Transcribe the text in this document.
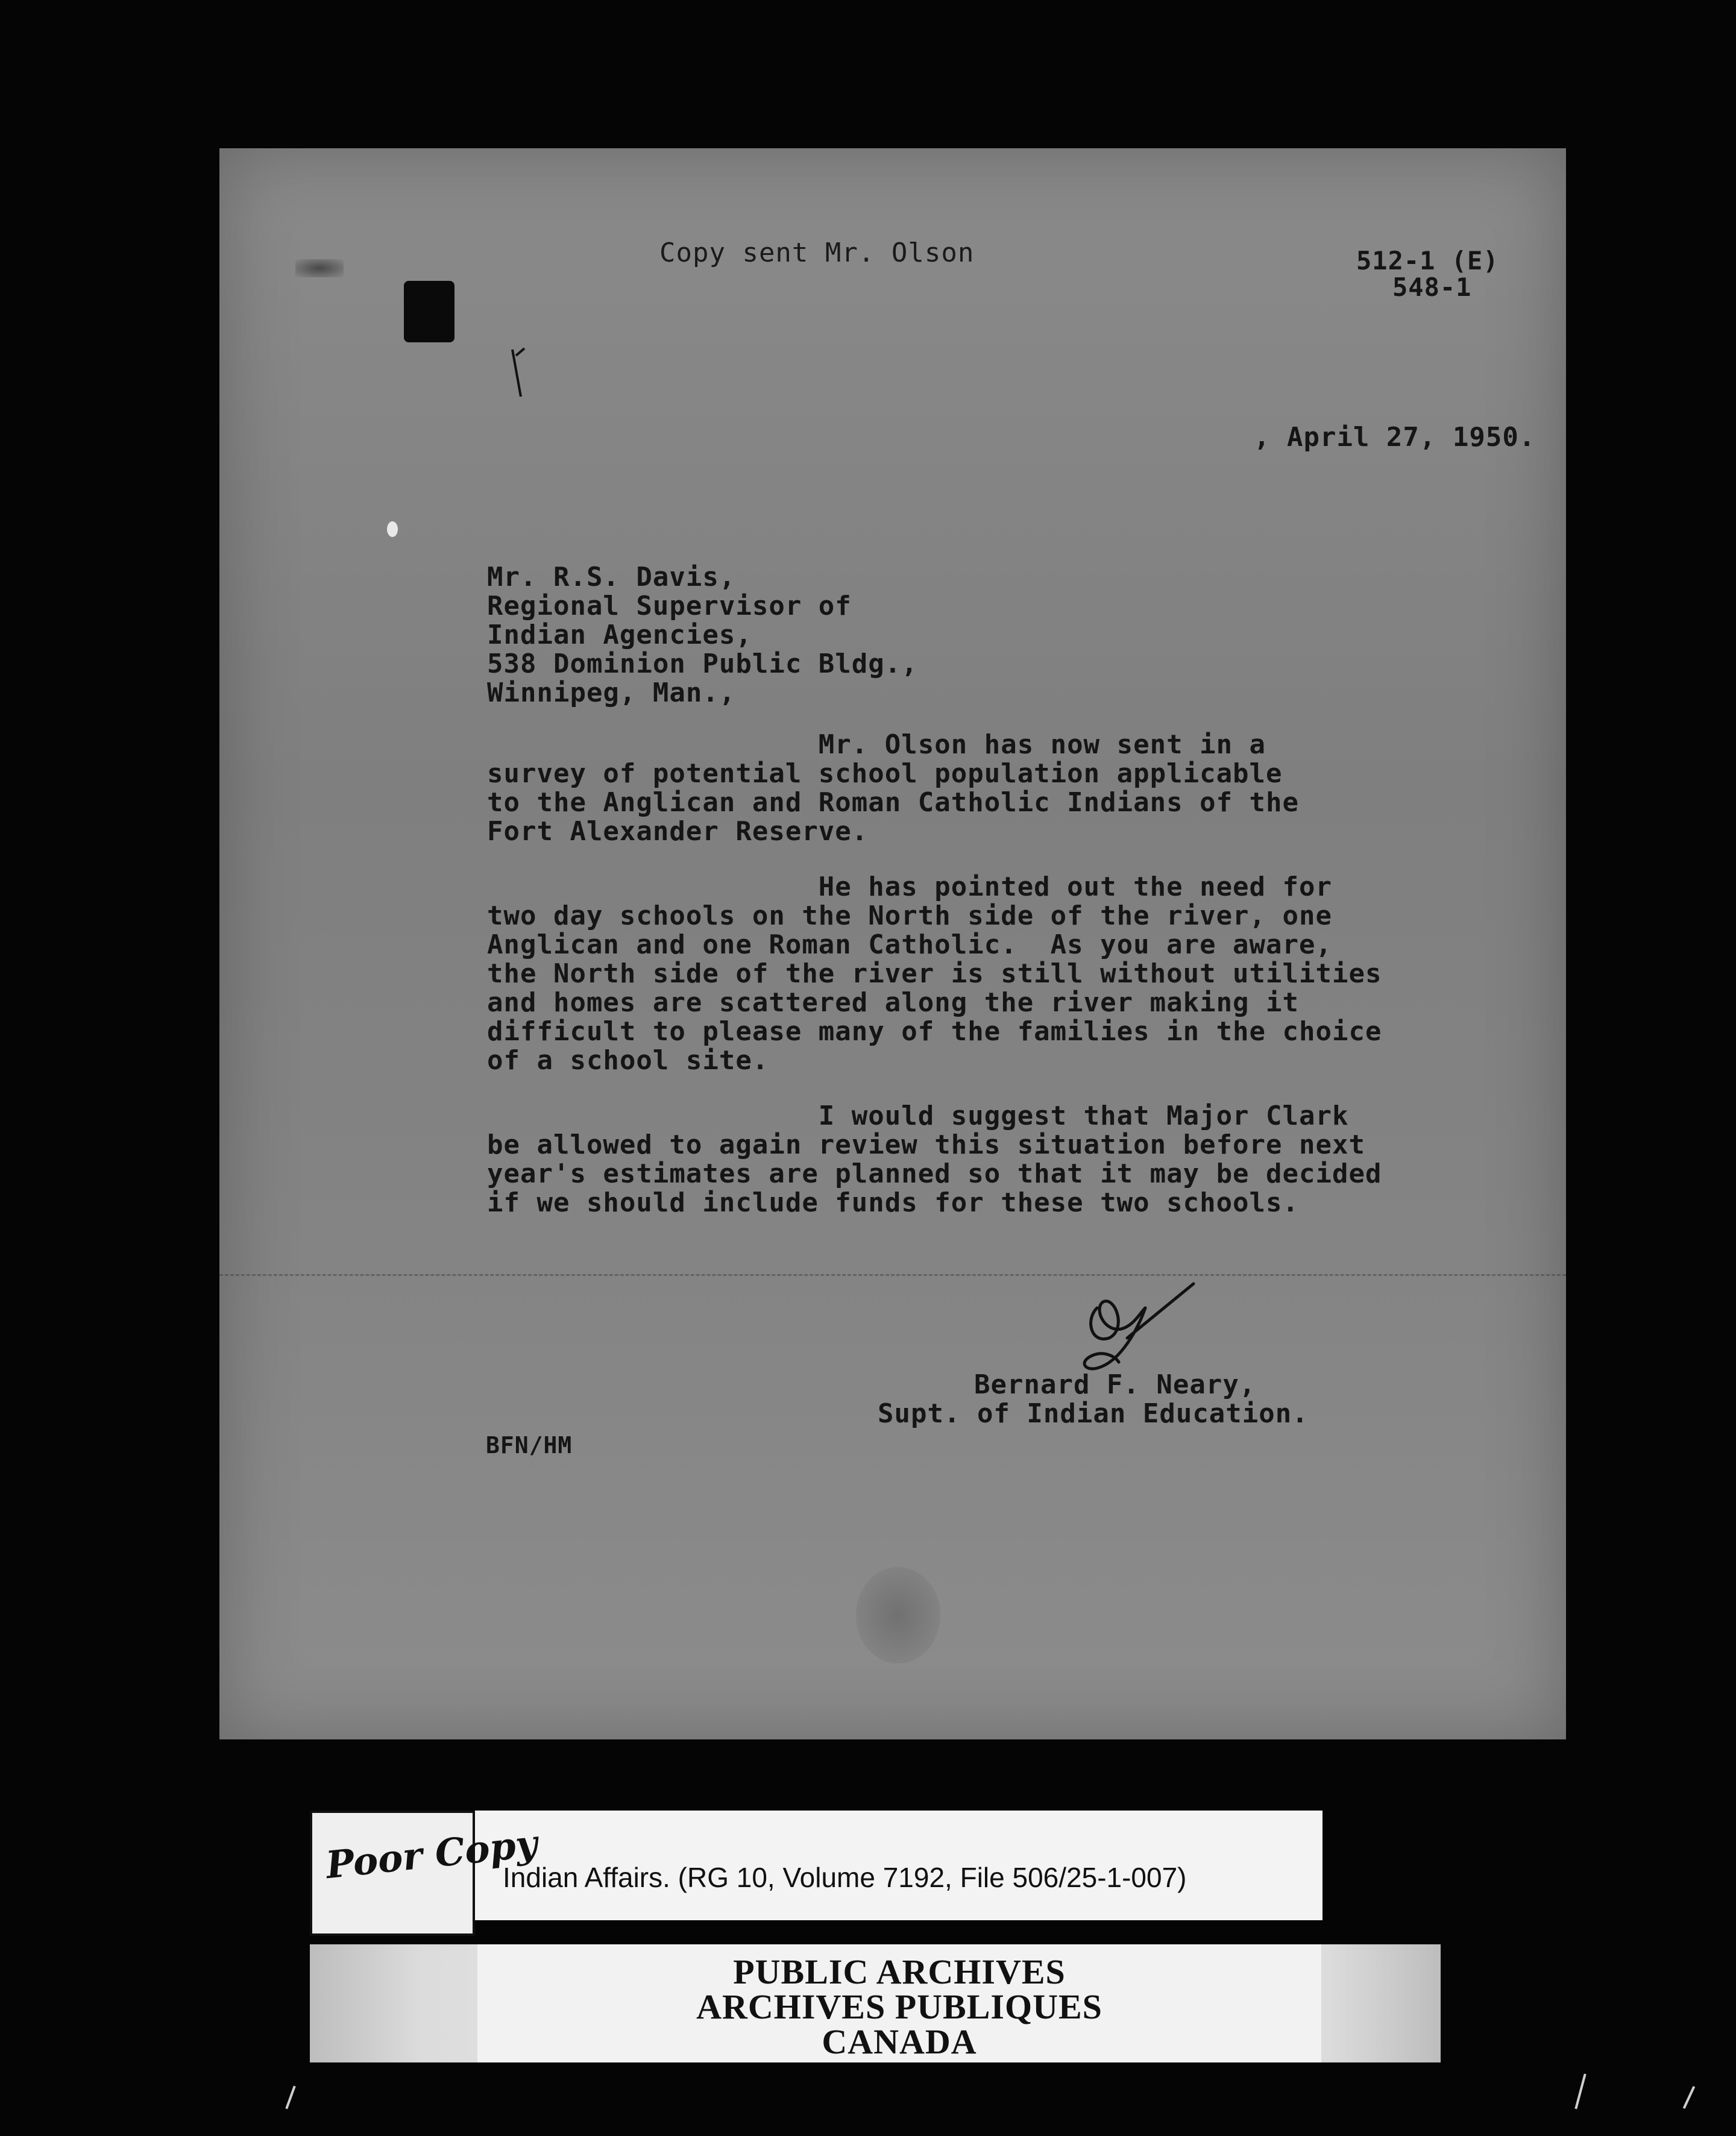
Copy sent Mr. Olson	512-1 (E)
548-1
, April 27, 1950.
Mr. R.S. Davis,
Regional Supervisor of
Indian Agencies,
538 Dominion Public Bldg.,
Winnipeg, Man.,
Mr. Olson has now sent in a
survey of potential school population applicable
to the Anglican and Roman Catholic Indians of the
Fort Alexander Reserve.
He has pointed out the need for
two day schools on the North side of the river, one
Anglican and one Roman Catholic.  As you are aware,
the North side of the river is still without utilities
and homes are scattered along the river making it
difficult to please many of the families in the choice
of a school site.
I would suggest that Major Clark
be allowed to again review this situation before next
year's estimates are planned so that it may be decided
if we should include funds for these two schools.
Bernard F. Neary,
Supt. of Indian Education.
BFN/HM
Poor Copy
Indian Affairs. (RG 10, Volume 7192, File 506/25-1-007)
PUBLIC ARCHIVES
ARCHIVES PUBLIQUES
CANADA
